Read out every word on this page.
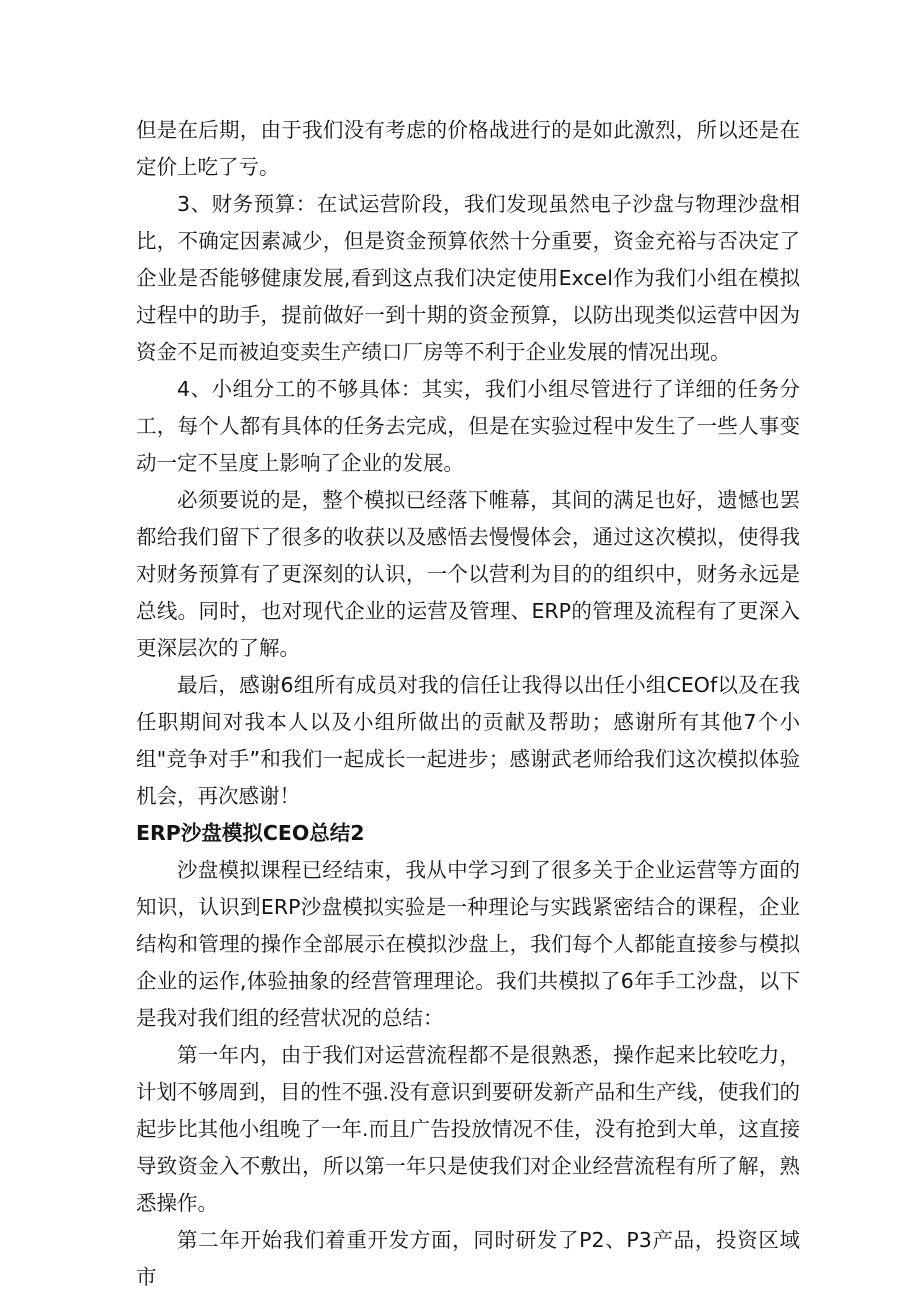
但是在后期，由于我们没有考虑的价格战进行的是如此激烈，所以还是在定价上吃了亏。

3、财务预算：在试运营阶段，我们发现虽然电子沙盘与物理沙盘相比，不确定因素减少，但是资金预算依然十分重要，资金充裕与否决定了企业是否能够健康发展,看到这点我们决定使用Excel作为我们小组在模拟过程中的助手，提前做好一到十期的资金预算，以防出现类似运营中因为资金不足而被迫变卖生产绩口厂房等不利于企业发展的情况出现。

4、小组分工的不够具体：其实，我们小组尽管进行了详细的任务分工，每个人都有具体的任务去完成，但是在实验过程中发生了一些人事变动一定不呈度上影响了企业的发展。

必须要说的是，整个模拟已经落下帷幕，其间的满足也好，遗憾也罢都给我们留下了很多的收获以及感悟去慢慢体会，通过这次模拟，使得我对财务预算有了更深刻的认识，一个以营利为目的的组织中，财务永远是总线。同时，也对现代企业的运营及管理、ERP的管理及流程有了更深入更深层次的了解。

最后，感谢6组所有成员对我的信任让我得以出任小组CEOf以及在我任职期间对我本人以及小组所做出的贡献及帮助；感谢所有其他7个小组"竞争对手”和我们一起成长一起进步；感谢武老师给我们这次模拟体验机会，再次感谢！

ERP沙盘模拟CEO总结2

沙盘模拟课程已经结束，我从中学习到了很多关于企业运营等方面的知识，认识到ERP沙盘模拟实验是一种理论与实践紧密结合的课程，企业结构和管理的操作全部展示在模拟沙盘上，我们每个人都能直接参与模拟企业的运作,体验抽象的经营管理理论。我们共模拟了6年手工沙盘，以下是我对我们组的经营状况的总结：

第一年内，由于我们对运营流程都不是很熟悉，操作起来比较吃力，计划不够周到，目的性不强.没有意识到要研发新产品和生产线，使我们的起步比其他小组晚了一年.而且广告投放情况不佳，没有抢到大单，这直接导致资金入不敷出，所以第一年只是使我们对企业经营流程有所了解，熟悉操作。

第二年开始我们着重开发方面，同时研发了P2、P3产品，投资区域市
